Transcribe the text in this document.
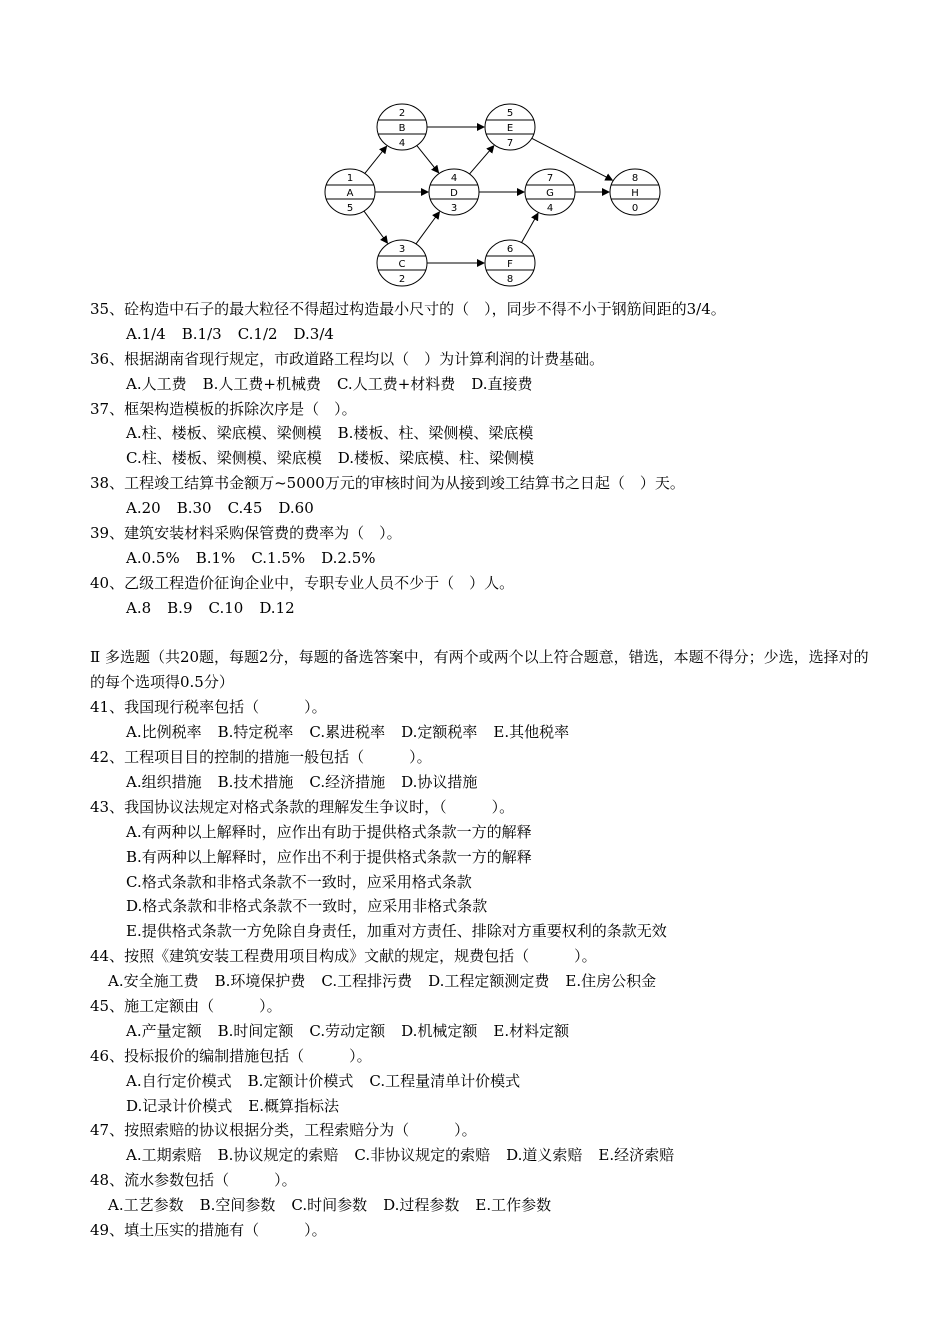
1
A
5
2
B
4
3
C
2
4
D
3
5
E
7
6
F
8
7
G
4
8
H
0
35、砼构造中石子的最大粒径不得超过构造最小尺寸的（　），同步不得不小于钢筋间距的3/4。
A.1/4 B.1/3 C.1/2 D.3/4
36、根据湖南省现行规定，市政道路工程均以（　）为计算利润的计费基础。
A.人工费 B.人工费+机械费 C.人工费+材料费 D.直接费
37、框架构造模板的拆除次序是（　）。
A.柱、楼板、梁底模、梁侧模 B.楼板、柱、梁侧模、梁底模
C.柱、楼板、梁侧模、梁底模 D.楼板、梁底模、柱、梁侧模
38、工程竣工结算书金额万~5000万元的审核时间为从接到竣工结算书之日起（　）天。
A.20 B.30 C.45 D.60
39、建筑安装材料采购保管费的费率为（　）。
A.0.5% B.1% C.1.5% D.2.5%
40、乙级工程造价征询企业中，专职专业人员不少于（　）人。
A.8 B.9 C.10 D.12
Ⅱ 多选题（共20题，每题2分，每题的备选答案中，有两个或两个以上符合题意，错选，本题不得分；少选，选择对的的每个选项得0.5分）
41、我国现行税率包括（　　　）。
A.比例税率 B.特定税率 C.累进税率 D.定额税率 E.其他税率
42、工程项目目的控制的措施一般包括（　　　）。
A.组织措施 B.技术措施 C.经济措施 D.协议措施
43、我国协议法规定对格式条款的理解发生争议时，（　　　）。
A.有两种以上解释时，应作出有助于提供格式条款一方的解释
B.有两种以上解释时，应作出不利于提供格式条款一方的解释
C.格式条款和非格式条款不一致时，应采用格式条款
D.格式条款和非格式条款不一致时，应采用非格式条款
E.提供格式条款一方免除自身责任，加重对方责任、排除对方重要权利的条款无效
44、按照《建筑安装工程费用项目构成》文献的规定，规费包括（　　　）。
A.安全施工费 B.环境保护费 C.工程排污费 D.工程定额测定费 E.住房公积金
45、施工定额由（　　　）。
A.产量定额 B.时间定额 C.劳动定额 D.机械定额 E.材料定额
46、投标报价的编制措施包括（　　　）。
A.自行定价模式 B.定额计价模式 C.工程量清单计价模式
D.记录计价模式 E.概算指标法
47、按照索赔的协议根据分类，工程索赔分为（　　　）。
A.工期索赔 B.协议规定的索赔 C.非协议规定的索赔 D.道义索赔 E.经济索赔
48、流水参数包括（　　　）。
A.工艺参数 B.空间参数 C.时间参数 D.过程参数 E.工作参数
49、填土压实的措施有（　　　）。
